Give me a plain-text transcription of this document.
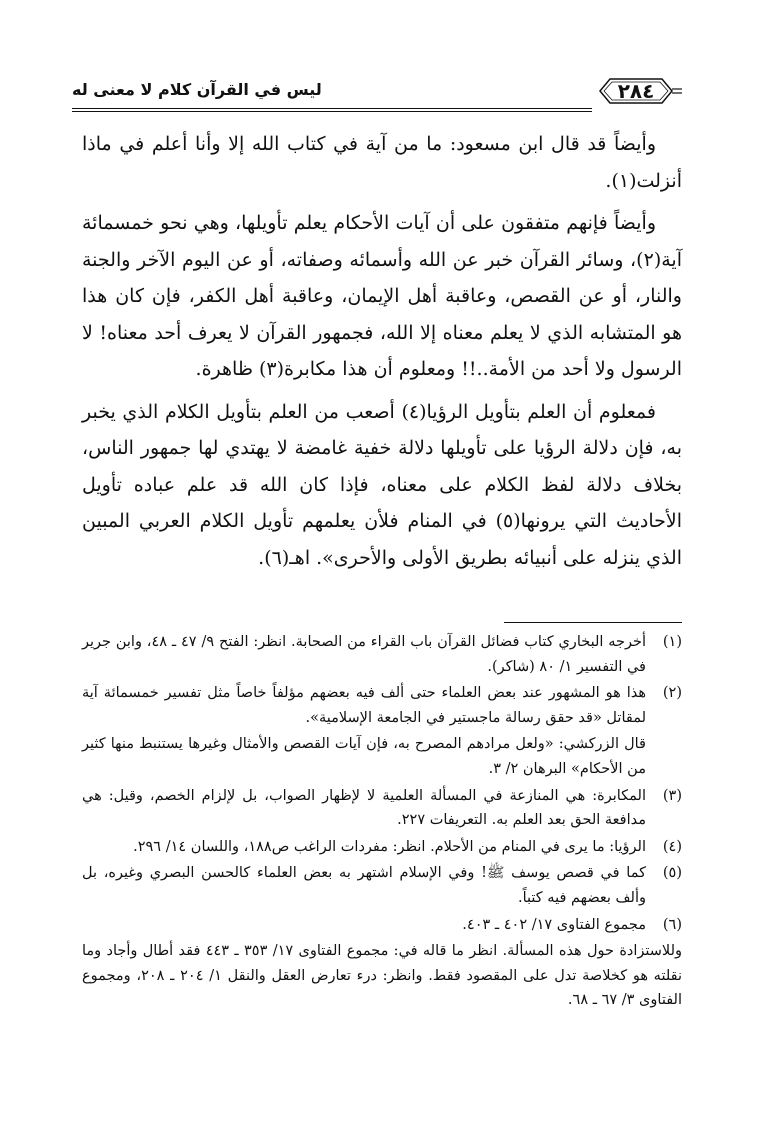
٢٨٤
ليس في القرآن كلام لا معنى له

وأيضاً قد قال ابن مسعود: ما من آية في كتاب الله إلا وأنا أعلم في ماذا أنزلت(١).

وأيضاً فإنهم متفقون على أن آيات الأحكام يعلم تأويلها، وهي نحو خمسمائة آية(٢)، وسائر القرآن خبر عن الله وأسمائه وصفاته، أو عن اليوم الآخر والجنة والنار، أو عن القصص، وعاقبة أهل الإيمان، وعاقبة أهل الكفر، فإن كان هذا هو المتشابه الذي لا يعلم معناه إلا الله، فجمهور القرآن لا يعرف أحد معناه! لا الرسول ولا أحد من الأمة..!! ومعلوم أن هذا مكابرة(٣) ظاهرة.

فمعلوم أن العلم بتأويل الرؤيا(٤) أصعب من العلم بتأويل الكلام الذي يخبر به، فإن دلالة الرؤيا على تأويلها دلالة خفية غامضة لا يهتدي لها جمهور الناس، بخلاف دلالة لفظ الكلام على معناه، فإذا كان الله قد علم عباده تأويل الأحاديث التي يرونها(٥) في المنام فلأن يعلمهم تأويل الكلام العربي المبين الذي ينزله على أنبيائه بطريق الأولى والأحرى». اهـ(٦).

(١)
أخرجه البخاري كتاب فضائل القرآن باب القراء من الصحابة. انظر: الفتح ٩/ ٤٧ ـ ٤٨، وابن جرير في التفسير ١/ ٨٠ (شاكر).
(٢)
هذا هو المشهور عند بعض العلماء حتى ألف فيه بعضهم مؤلفاً خاصاً مثل تفسير خمسمائة آية لمقاتل «قد حقق رسالة ماجستير في الجامعة الإسلامية».
قال الزركشي: «ولعل مرادهم المصرح به، فإن آيات القصص والأمثال وغيرها يستنبط منها كثير من الأحكام» البرهان ٢/ ٣.
(٣)
المكابرة: هي المنازعة في المسألة العلمية لا لإظهار الصواب، بل لإلزام الخصم، وقيل: هي مدافعة الحق بعد العلم به. التعريفات ٢٢٧.
(٤)
الرؤيا: ما يرى في المنام من الأحلام. انظر: مفردات الراغب ص١٨٨، واللسان ١٤/ ٢٩٦.
(٥)
كما في قصص يوسف ﷺ! وفي الإسلام اشتهر به بعض العلماء كالحسن البصري وغيره، بل وألف بعضهم فيه كتباً.
(٦)
مجموع الفتاوى ١٧/ ٤٠٢ ـ ٤٠٣.
وللاستزادة حول هذه المسألة. انظر ما قاله في: مجموع الفتاوى ١٧/ ٣٥٣ ـ ٤٤٣ فقد أطال وأجاد وما نقلته هو كخلاصة تدل على المقصود فقط. وانظر: درء تعارض العقل والنقل ١/ ٢٠٤ ـ ٢٠٨، ومجموع الفتاوى ٣/ ٦٧ ـ ٦٨.
